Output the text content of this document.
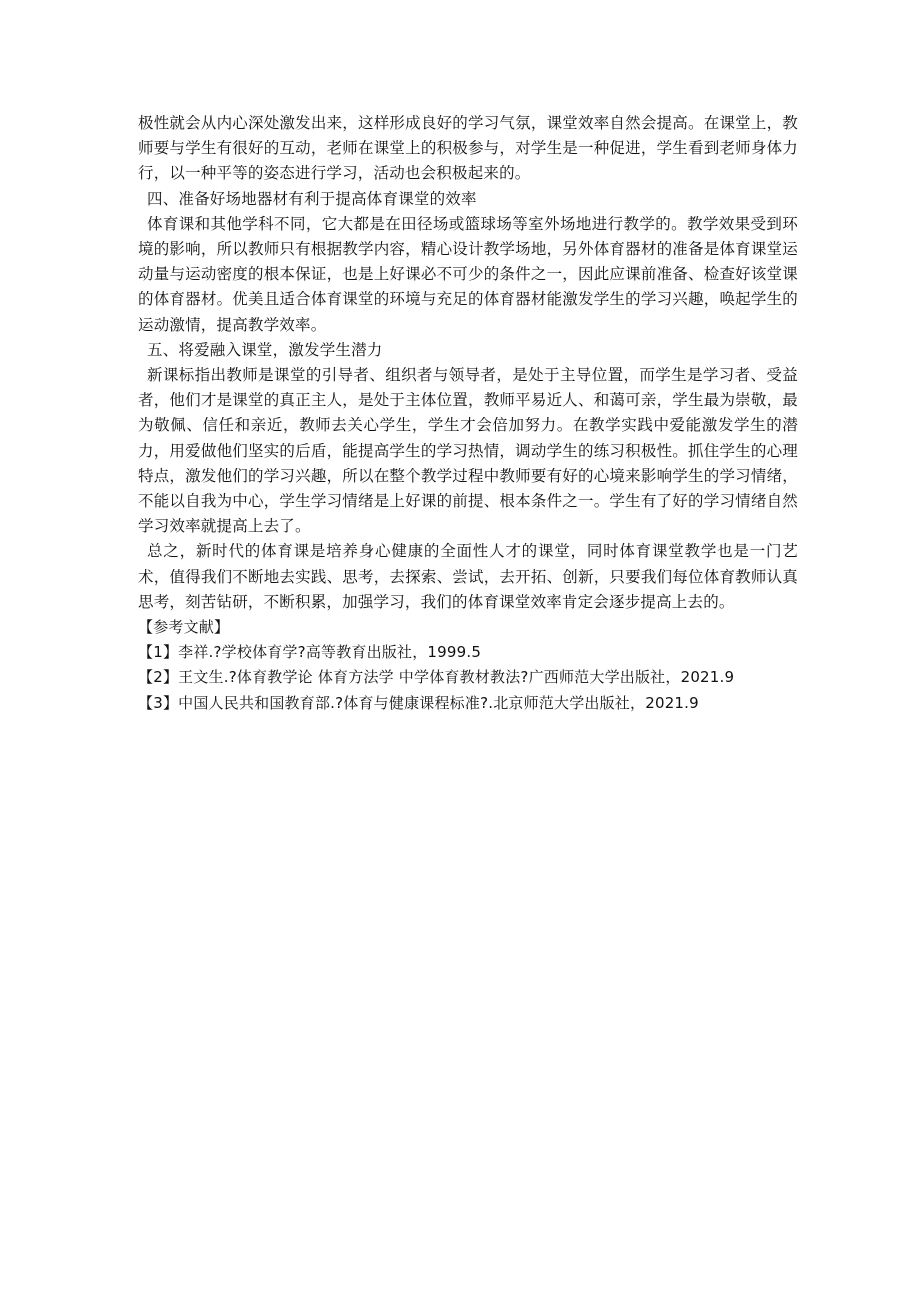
极性就会从内心深处激发出来，这样形成良好的学习气氛，课堂效率自然会提高。在课堂上，教师要与学生有很好的互动，老师在课堂上的积极参与，对学生是一种促进，学生看到老师身体力行，以一种平等的姿态进行学习，活动也会积极起来的。

四、准备好场地器材有利于提高体育课堂的效率

体育课和其他学科不同，它大都是在田径场或篮球场等室外场地进行教学的。教学效果受到环境的影响，所以教师只有根据教学内容，精心设计教学场地，另外体育器材的准备是体育课堂运动量与运动密度的根本保证，也是上好课必不可少的条件之一，因此应课前准备、检查好该堂课的体育器材。优美且适合体育课堂的环境与充足的体育器材能激发学生的学习兴趣，唤起学生的运动激情，提高教学效率。

五、将爱融入课堂，激发学生潜力

新课标指出教师是课堂的引导者、组织者与领导者，是处于主导位置，而学生是学习者、受益者，他们才是课堂的真正主人，是处于主体位置，教师平易近人、和蔼可亲，学生最为崇敬，最为敬佩、信任和亲近，教师去关心学生，学生才会倍加努力。在教学实践中爱能激发学生的潜力，用爱做他们坚实的后盾，能提高学生的学习热情，调动学生的练习积极性。抓住学生的心理特点，激发他们的学习兴趣，所以在整个教学过程中教师要有好的心境来影响学生的学习情绪，不能以自我为中心，学生学习情绪是上好课的前提、根本条件之一。学生有了好的学习情绪自然学习效率就提高上去了。

总之，新时代的体育课是培养身心健康的全面性人才的课堂，同时体育课堂教学也是一门艺术，值得我们不断地去实践、思考，去探索、尝试，去开拓、创新，只要我们每位体育教师认真思考，刻苦钻研，不断积累，加强学习，我们的体育课堂效率肯定会逐步提高上去的。

【参考文献】

【1】李祥.?学校体育学?高等教育出版社，1999.5

【2】王文生.?体育教学论 体育方法学 中学体育教材教法?广西师范大学出版社，2021.9

【3】中国人民共和国教育部.?体育与健康课程标准?.北京师范大学出版社，2021.9
